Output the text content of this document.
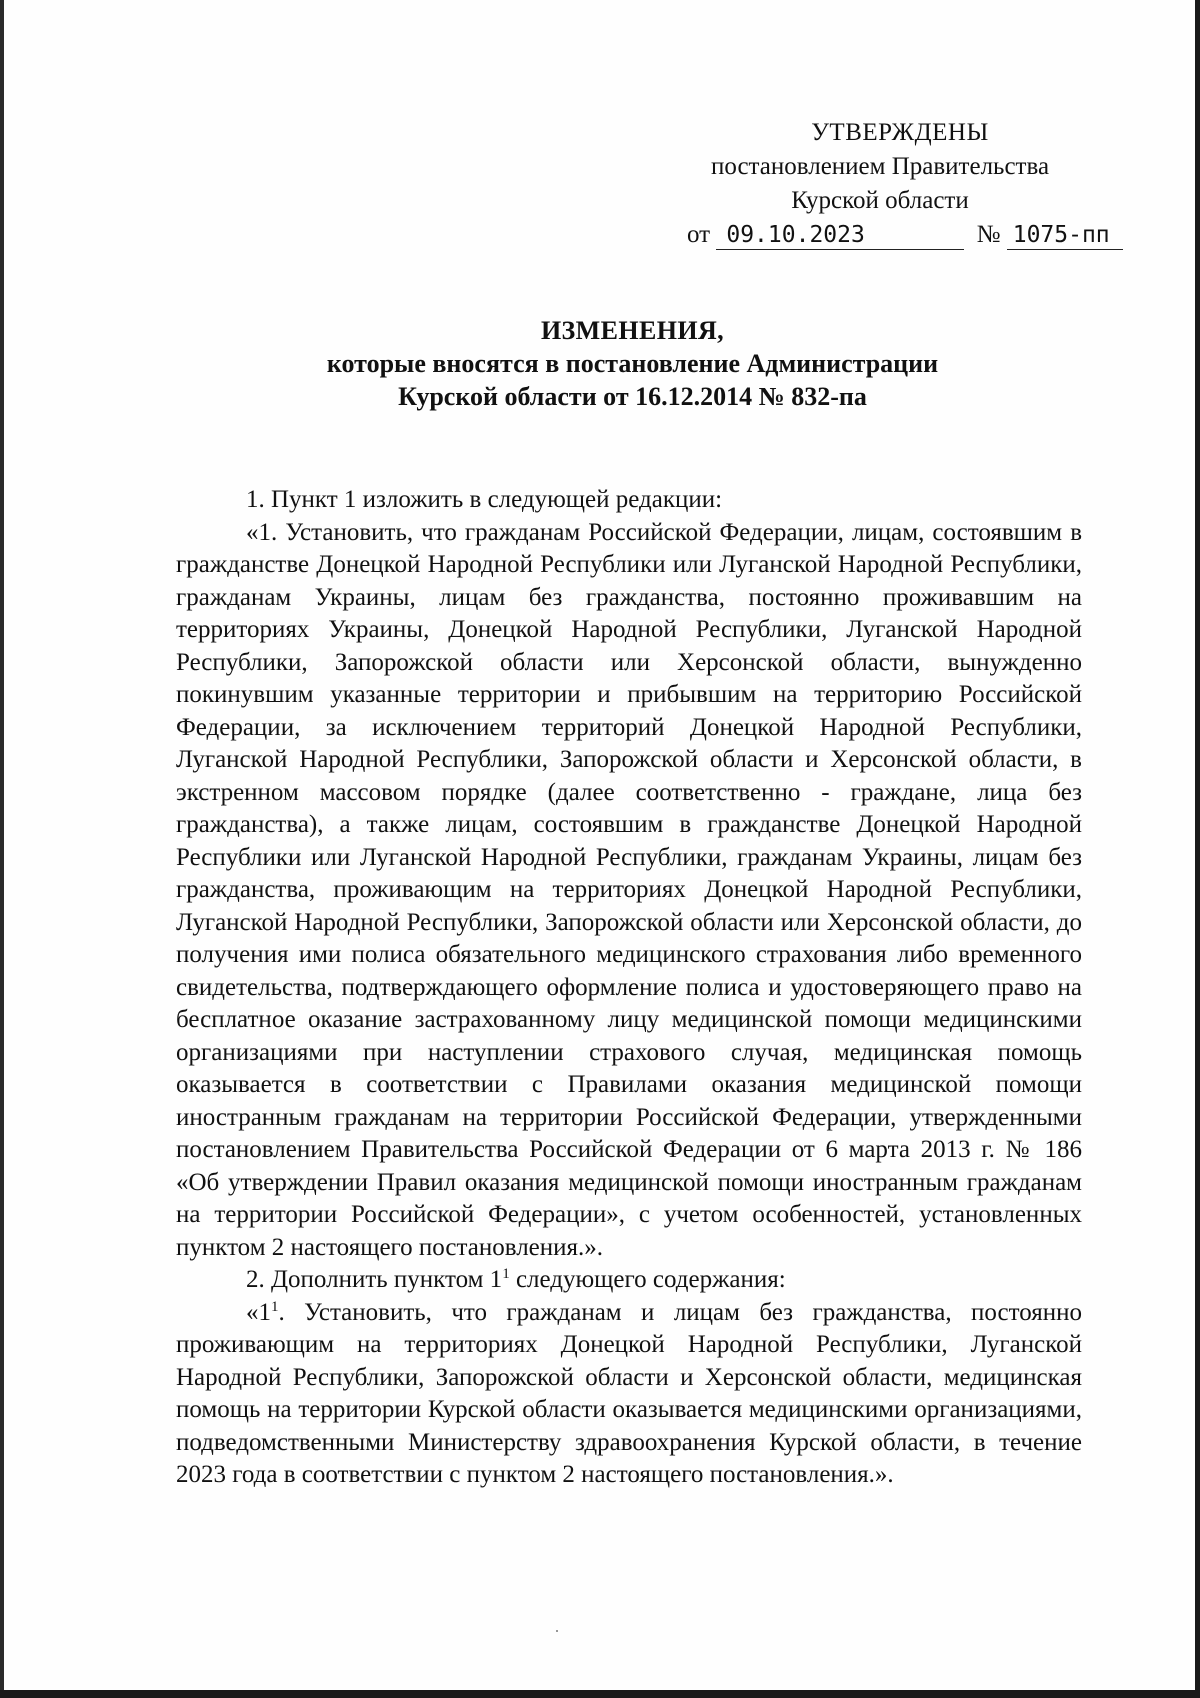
УТВЕРЖДЕНЫ
постановлением Правительства
Курской области
от 09.10.2023	№ 1075-пп
ИЗМЕНЕНИЯ,
которые вносятся в постановление Администрации
Курской области от 16.12.2014 № 832-па

1. Пункт 1 изложить в следующей редакции:

«1. Установить, что гражданам Российской Федерации, лицам, состоявшим в гражданстве Донецкой Народной Республики или Луганской Народной Республики, гражданам Украины, лицам без гражданства, постоянно проживавшим на территориях Украины, Донецкой Народной Республики, Луганской Народной Республики, Запорожской области или Херсонской области, вынужденно покинувшим указанные территории и прибывшим на территорию Российской Федерации, за исключением территорий Донецкой Народной Республики, Луганской Народной Республики, Запорожской области и Херсонской области, в экстренном массовом порядке (далее соответственно - граждане, лица без гражданства), а также лицам, состоявшим в гражданстве Донецкой Народной Республики или Луганской Народной Республики, гражданам Украины, лицам без гражданства, проживающим на территориях Донецкой Народной Республики, Луганской Народной Республики, Запорожской области или Херсонской области, до получения ими полиса обязательного медицинского страхования либо временного свидетельства, подтверждающего оформление полиса и удостоверяющего право на бесплатное оказание застрахованному лицу медицинской помощи медицинскими организациями при наступлении страхового случая, медицинская помощь оказывается в соответствии с Правилами оказания медицинской помощи иностранным гражданам на территории Российской Федерации, утвержденными постановлением Правительства Российской Федерации от 6 марта 2013 г. № 186 «Об утверждении Правил оказания медицинской помощи иностранным гражданам на территории Российской Федерации», с учетом особенностей, установленных пунктом 2 настоящего постановления.».

2. Дополнить пунктом $1^1$ следующего содержания:

«$1^1$. Установить, что гражданам и лицам без гражданства, постоянно проживающим на территориях Донецкой Народной Республики, Луганской Народной Республики, Запорожской области и Херсонской области, медицинская помощь на территории Курской области оказывается медицинскими организациями, подведомственными Министерству здравоохранения Курской области, в течение 2023 года в соответствии с пунктом 2 настоящего постановления.».
